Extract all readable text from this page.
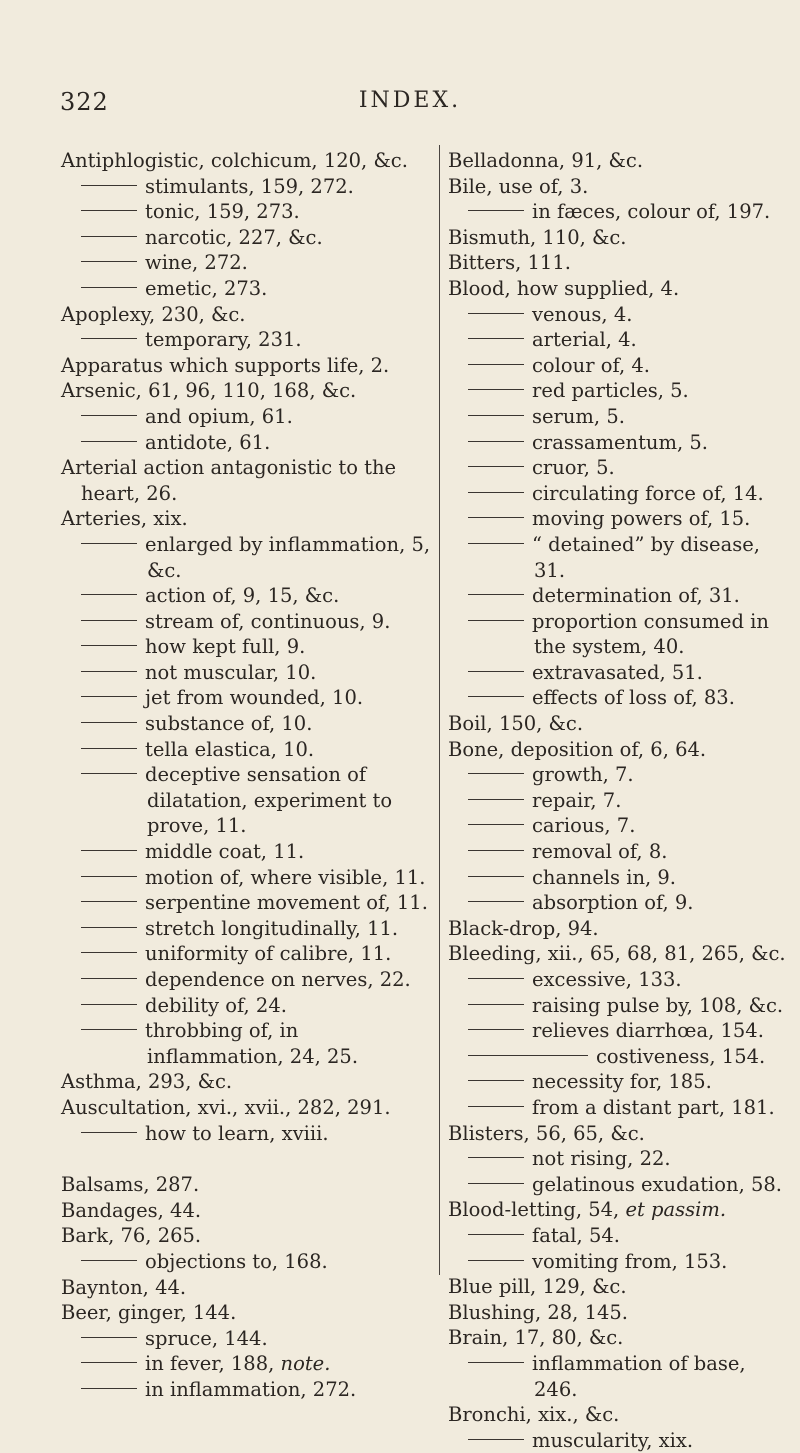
322	INDEX.

Antiphlogistic, colchicum, 120, &c.

stimulants, 159, 272.

tonic, 159, 273.

narcotic, 227, &c.

wine, 272.

emetic, 273.

Apoplexy, 230, &c.

temporary, 231.

Apparatus which supports life, 2.

Arsenic, 61, 96, 110, 168, &c.

and opium, 61.

antidote, 61.

Arterial action antagonistic to the heart, 26.

Arteries, xix.

enlarged by inflammation, 5, &c.

action of, 9, 15, &c.

stream of, continuous, 9.

how kept full, 9.

not muscular, 10.

jet from wounded, 10.

substance of, 10.

tella elastica, 10.

deceptive sensation of dilatation, experiment to prove, 11.

middle coat, 11.

motion of, where visible, 11.

serpentine movement of, 11.

stretch longitudinally, 11.

uniformity of calibre, 11.

dependence on nerves, 22.

debility of, 24.

throbbing of, in inflammation, 24, 25.

Asthma, 293, &c.

Auscultation, xvi., xvii., 282, 291.

how to learn, xviii.

Balsams, 287.

Bandages, 44.

Bark, 76, 265.

objections to, 168.

Baynton, 44.

Beer, ginger, 144.

spruce, 144.

in fever, 188, note.

in inflammation, 272.

Belladonna, 91, &c.

Bile, use of, 3.

in fæces, colour of, 197.

Bismuth, 110, &c.

Bitters, 111.

Blood, how supplied, 4.

venous, 4.

arterial, 4.

colour of, 4.

red particles, 5.

serum, 5.

crassamentum, 5.

cruor, 5.

circulating force of, 14.

moving powers of, 15.

“ detained” by disease, 31.

determination of, 31.

proportion consumed in the system, 40.

extravasated, 51.

effects of loss of, 83.

Boil, 150, &c.

Bone, deposition of, 6, 64.

growth, 7.

repair, 7.

carious, 7.

removal of, 8.

channels in, 9.

absorption of, 9.

Black-drop, 94.

Bleeding, xii., 65, 68, 81, 265, &c.

excessive, 133.

raising pulse by, 108, &c.

relieves diarrhœa, 154.

costiveness, 154.

necessity for, 185.

from a distant part, 181.

Blisters, 56, 65, &c.

not rising, 22.

gelatinous exudation, 58.

Blood-letting, 54, et passim.

fatal, 54.

vomiting from, 153.

Blue pill, 129, &c.

Blushing, 28, 145.

Brain, 17, 80, &c.

inflammation of base, 246.

Bronchi, xix., &c.

muscularity, xix.
